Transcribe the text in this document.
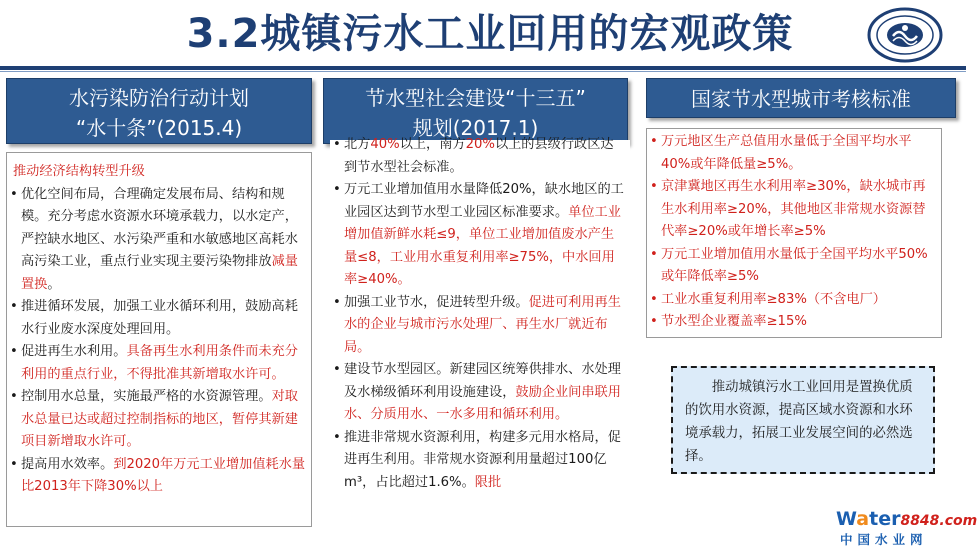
3.2城镇污水工业回用的宏观政策
水污染防治行动计划
“水十条”(2015.4)
节水型社会建设“十三五”
规划(2017.1)
国家节水型城市考核标准
推动经济结构转型升级
• 优化空间布局，合理确定发展布局、结构和规模。充分考虑水资源水环境承载力，以水定产，严控缺水地区、水污染严重和水敏感地区高耗水高污染工业，重点行业实现主要污染物排放减量置换。
• 推进循环发展，加强工业水循环利用，鼓励高耗水行业废水深度处理回用。
• 促进再生水利用。具备再生水利用条件而未充分利用的重点行业，不得批准其新增取水许可。
• 控制用水总量，实施最严格的水资源管理。对取水总量已达或超过控制指标的地区，暂停其新建项目新增取水许可。
• 提高用水效率。到2020年万元工业增加值耗水量比2013年下降30%以上
• 北方40%以上，南方20%以上的县级行政区达到节水型社会标准。
• 万元工业增加值用水量降低20%，缺水地区的工业园区达到节水型工业园区标准要求。单位工业增加值新鲜水耗≤9，单位工业增加值废水产生量≤8，工业用水重复利用率≥75%，中水回用率≥40%。
• 加强工业节水，促进转型升级。促进可利用再生水的企业与城市污水处理厂、再生水厂就近布局。
• 建设节水型园区。新建园区统筹供排水、水处理及水梯级循环利用设施建设，鼓励企业间串联用水、分质用水、一水多用和循环利用。
• 推进非常规水资源利用，构建多元用水格局，促进再生利用。非常规水资源利用量超过100亿m³，占比超过1.6%。限批
• 万元地区生产总值用水量低于全国平均水平40%或年降低量≥5%。
• 京津冀地区再生水利用率≥30%，缺水城市再生水利用率≥20%，其他地区非常规水资源替代率≥20%或年增长率≥5%
• 万元工业增加值用水量低于全国平均水平50%或年降低率≥5%
• 工业水重复利用率≥83%（不含电厂）
• 节水型企业覆盖率≥15%
推动城镇污水工业回用是置换优质的饮用水资源，提高区域水资源和水环境承载力，拓展工业发展空间的必然选择。
Water8848.com
中国水业网
